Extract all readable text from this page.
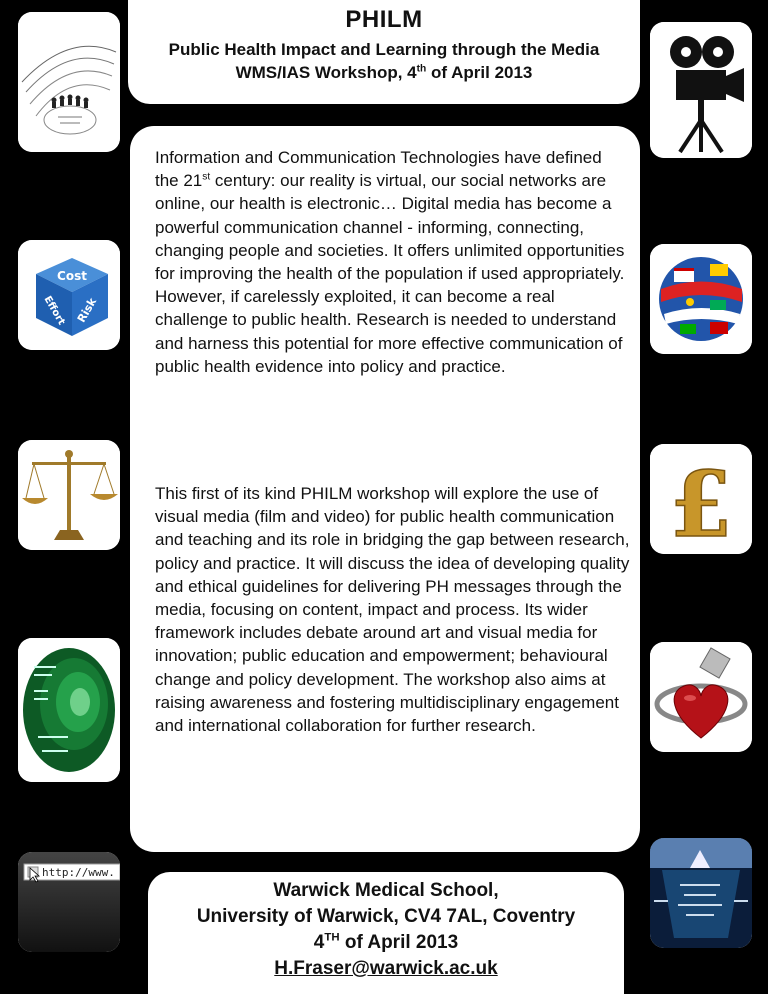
Cost
Effort Risk
http://www.
£
PHILM
Public Health Impact and Learning through the Media
WMS/IAS Workshop, 4th of April 2013

Information and Communication Technologies have defined the 21st century: our reality is virtual, our social networks are online, our health is electronic… Digital media has become a powerful communication channel - informing, connecting, changing people and societies. It offers unlimited opportunities for improving the health of the population if used appropriately. However, if carelessly exploited, it can become a real challenge to public health. Research is needed to understand and harness this potential for more effective communication of public health evidence into policy and practice.

This first of its kind PHILM workshop will explore the use of visual media (film and video) for public health communication and teaching and its role in bridging the gap between research, policy and practice. It will discuss the idea of developing quality and ethical guidelines for delivering PH messages through the media, focusing on content, impact and process. Its wider framework includes debate around art and visual media for innovation; public education and empowerment; behavioural change and policy development. The workshop also aims at raising awareness and fostering multidisciplinary engagement and international collaboration for further research.

Warwick Medical School,
University of Warwick, CV4 7AL, Coventry
4TH of April 2013
H.Fraser@warwick.ac.uk
